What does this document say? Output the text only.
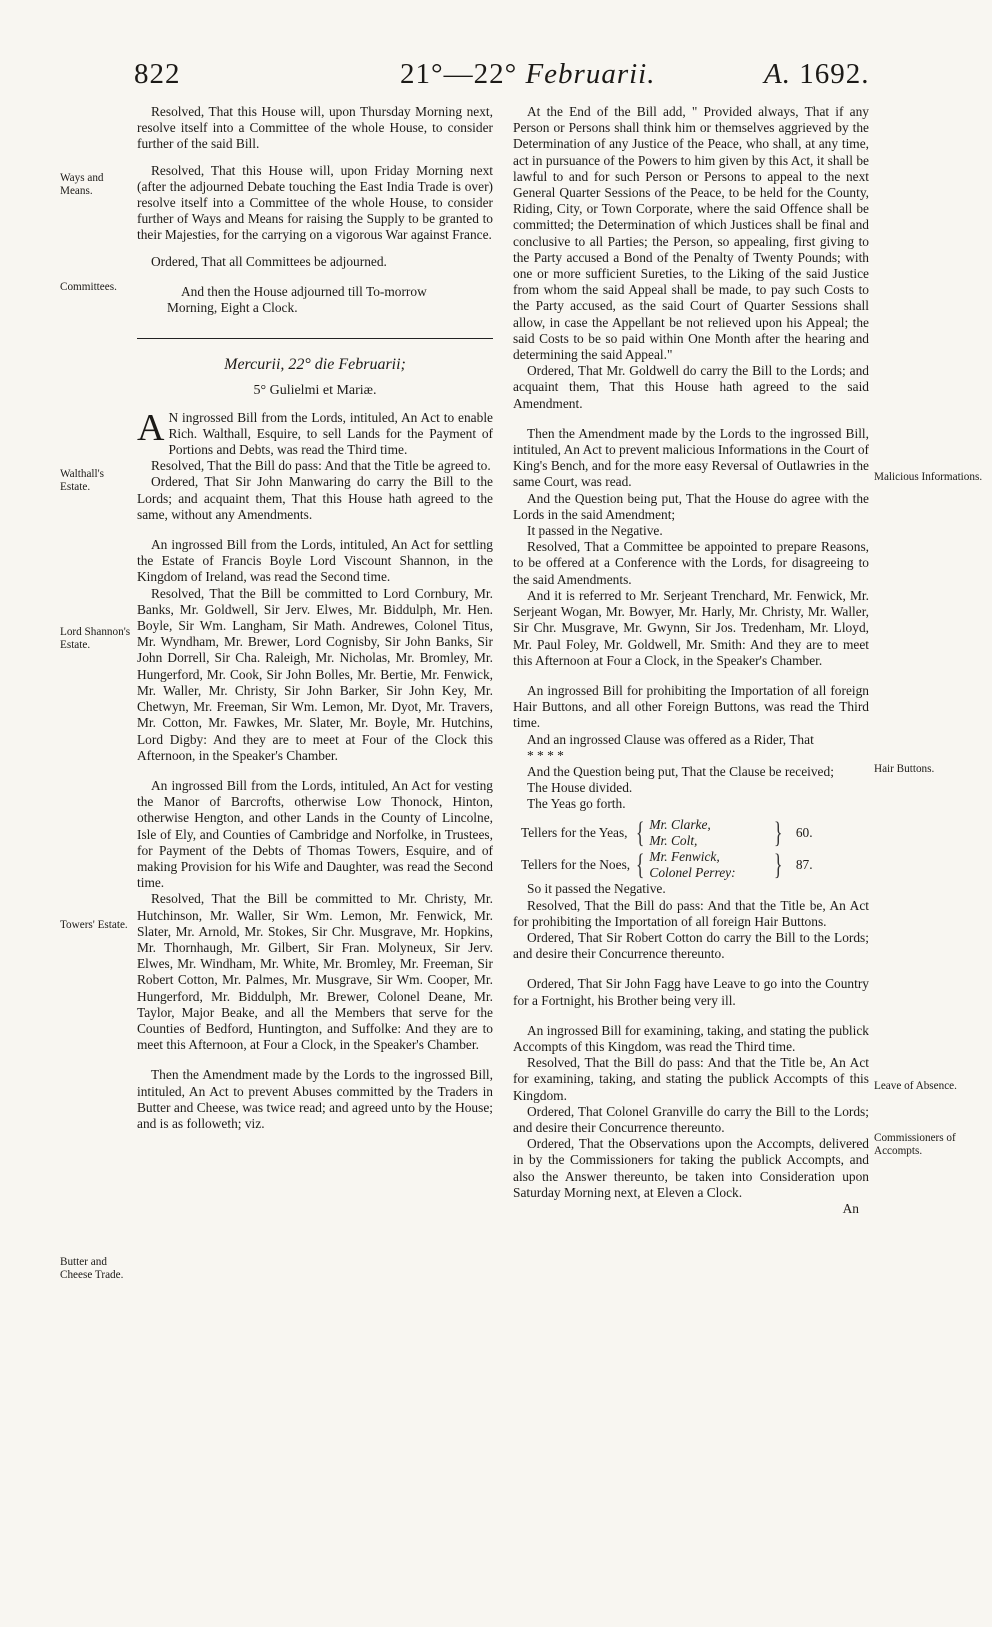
822	21°—22° Februarii.	A. 1692.
Ways and Means.
Committees.
Walthall's Estate.
Lord Shannon's Estate.
Towers' Estate.
Butter and Cheese Trade.
Malicious Informations.
Hair Buttons.
Leave of Absence.
Commissioners of Accompts.

Resolved, That this House will, upon Thursday Morning next, resolve itself into a Committee of the whole House, to consider further of the said Bill.

Resolved, That this House will, upon Friday Morning next (after the adjourned Debate touching the East India Trade is over) resolve itself into a Committee of the whole House, to consider further of Ways and Means for raising the Supply to be granted to their Majesties, for the carrying on a vigorous War against France.

Ordered, That all Committees be adjourned.

And then the House adjourned till To-morrow Morning, Eight a Clock.

Mercurii, 22° die Februarii;
5° Gulielmi et Mariæ.

A N ingrossed Bill from the Lords, intituled, An Act to enable Rich. Walthall, Esquire, to sell Lands for the Payment of Portions and Debts, was read the Third time.

Resolved, That the Bill do pass: And that the Title be agreed to.

Ordered, That Sir John Manwaring do carry the Bill to the Lords; and acquaint them, That this House hath agreed to the same, without any Amendments.

An ingrossed Bill from the Lords, intituled, An Act for settling the Estate of Francis Boyle Lord Viscount Shannon, in the Kingdom of Ireland, was read the Second time.

Resolved, That the Bill be committed to Lord Cornbury, Mr. Banks, Mr. Goldwell, Sir Jerv. Elwes, Mr. Biddulph, Mr. Hen. Boyle, Sir Wm. Langham, Sir Math. Andrewes, Colonel Titus, Mr. Wyndham, Mr. Brewer, Lord Cognisby, Sir John Banks, Sir John Dorrell, Sir Cha. Raleigh, Mr. Nicholas, Mr. Bromley, Mr. Hungerford, Mr. Cook, Sir John Bolles, Mr. Bertie, Mr. Fenwick, Mr. Waller, Mr. Christy, Sir John Barker, Sir John Key, Mr. Chetwyn, Mr. Freeman, Sir Wm. Lemon, Mr. Dyot, Mr. Travers, Mr. Cotton, Mr. Fawkes, Mr. Slater, Mr. Boyle, Mr. Hutchins, Lord Digby: And they are to meet at Four of the Clock this Afternoon, in the Speaker's Chamber.

An ingrossed Bill from the Lords, intituled, An Act for vesting the Manor of Barcrofts, otherwise Low Thonock, Hinton, otherwise Hengton, and other Lands in the County of Lincolne, Isle of Ely, and Counties of Cambridge and Norfolke, in Trustees, for Payment of the Debts of Thomas Towers, Esquire, and of making Provision for his Wife and Daughter, was read the Second time.

Resolved, That the Bill be committed to Mr. Christy, Mr. Hutchinson, Mr. Waller, Sir Wm. Lemon, Mr. Fenwick, Mr. Slater, Mr. Arnold, Mr. Stokes, Sir Chr. Musgrave, Mr. Hopkins, Mr. Thornhaugh, Mr. Gilbert, Sir Fran. Molyneux, Sir Jerv. Elwes, Mr. Windham, Mr. White, Mr. Bromley, Mr. Freeman, Sir Robert Cotton, Mr. Palmes, Mr. Musgrave, Sir Wm. Cooper, Mr. Hungerford, Mr. Biddulph, Mr. Brewer, Colonel Deane, Mr. Taylor, Major Beake, and all the Members that serve for the Counties of Bedford, Huntington, and Suffolke: And they are to meet this Afternoon, at Four a Clock, in the Speaker's Chamber.

Then the Amendment made by the Lords to the ingrossed Bill, intituled, An Act to prevent Abuses committed by the Traders in Butter and Cheese, was twice read; and agreed unto by the House; and is as followeth; viz.

At the End of the Bill add, " Provided always, That if any Person or Persons shall think him or themselves aggrieved by the Determination of any Justice of the Peace, who shall, at any time, act in pursuance of the Powers to him given by this Act, it shall be lawful to and for such Person or Persons to appeal to the next General Quarter Sessions of the Peace, to be held for the County, Riding, City, or Town Corporate, where the said Offence shall be committed; the Determination of which Justices shall be final and conclusive to all Parties; the Person, so appealing, first giving to the Party accused a Bond of the Penalty of Twenty Pounds; with one or more sufficient Sureties, to the Liking of the said Justice from whom the said Appeal shall be made, to pay such Costs to the Party accused, as the said Court of Quarter Sessions shall allow, in case the Appellant be not relieved upon his Appeal; the said Costs to be so paid within One Month after the hearing and determining the said Appeal."

Ordered, That Mr. Goldwell do carry the Bill to the Lords; and acquaint them, That this House hath agreed to the said Amendment.

Then the Amendment made by the Lords to the ingrossed Bill, intituled, An Act to prevent malicious Informations in the Court of King's Bench, and for the more easy Reversal of Outlawries in the same Court, was read.

And the Question being put, That the House do agree with the Lords in the said Amendment;

It passed in the Negative.

Resolved, That a Committee be appointed to prepare Reasons, to be offered at a Conference with the Lords, for disagreeing to the said Amendments.

And it is referred to Mr. Serjeant Trenchard, Mr. Fenwick, Mr. Serjeant Wogan, Mr. Bowyer, Mr. Harly, Mr. Christy, Mr. Waller, Sir Chr. Musgrave, Mr. Gwynn, Sir Jos. Tredenham, Mr. Lloyd, Mr. Paul Foley, Mr. Goldwell, Mr. Smith: And they are to meet this Afternoon at Four a Clock, in the Speaker's Chamber.

An ingrossed Bill for prohibiting the Importation of all foreign Hair Buttons, and all other Foreign Buttons, was read the Third time.

And an ingrossed Clause was offered as a Rider, That

* * * *

And the Question being put, That the Clause be received;

The House divided.

The Yeas go forth.

Tellers for the Yeas, { Mr. Clarke,
Mr. Colt,	} 60.
Tellers for the Noes, { Mr. Fenwick,
Colonel Perrey:	} 87.

So it passed the Negative.

Resolved, That the Bill do pass: And that the Title be, An Act for prohibiting the Importation of all foreign Hair Buttons.

Ordered, That Sir Robert Cotton do carry the Bill to the Lords; and desire their Concurrence thereunto.

Ordered, That Sir John Fagg have Leave to go into the Country for a Fortnight, his Brother being very ill.

An ingrossed Bill for examining, taking, and stating the publick Accompts of this Kingdom, was read the Third time.

Resolved, That the Bill do pass: And that the Title be, An Act for examining, taking, and stating the publick Accompts of this Kingdom.

Ordered, That Colonel Granville do carry the Bill to the Lords; and desire their Concurrence thereunto.

Ordered, That the Observations upon the Accompts, delivered in by the Commissioners for taking the publick Accompts, and also the Answer thereunto, be taken into Consideration upon Saturday Morning next, at Eleven a Clock.

An
